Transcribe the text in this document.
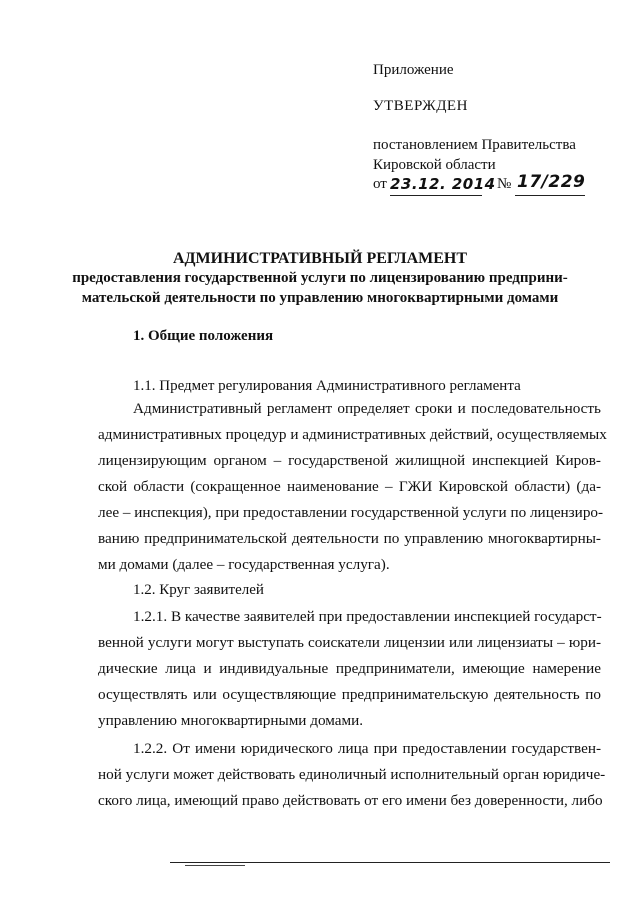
Приложение
УТВЕРЖДЕН
постановлением Правительства
Кировской области
от 23.12. 2014 № 17/229
АДМИНИСТРАТИВНЫЙ РЕГЛАМЕНТ
предоставления государственной услуги по лицензированию предприни-
мательской деятельности по управлению многоквартирными домами
1. Общие положения
1.1. Предмет регулирования Административного регламента
Административный регламент определяет сроки и последовательность
административных процедур и административных действий, осуществляемых
лицензирующим органом – государственой жилищной инспекцией Киров-
ской области (сокращенное наименование – ГЖИ Кировской области) (да-
лее – инспекция), при предоставлении государственной услуги по лицензиро-
ванию предпринимательской деятельности по управлению многоквартирны-
ми домами (далее – государственная услуга).
1.2. Круг заявителей
1.2.1. В качестве заявителей при предоставлении инспекцией государст-
венной услуги могут выступать соискатели лицензии или лицензиаты – юри-
дические лица и индивидуальные предприниматели, имеющие намерение
осуществлять или осуществляющие предпринимательскую деятельность по
управлению многоквартирными домами.
1.2.2. От имени юридического лица при предоставлении государствен-
ной услуги может действовать единоличный исполнительный орган юридиче-
ского лица, имеющий право действовать от его имени без доверенности, либо
